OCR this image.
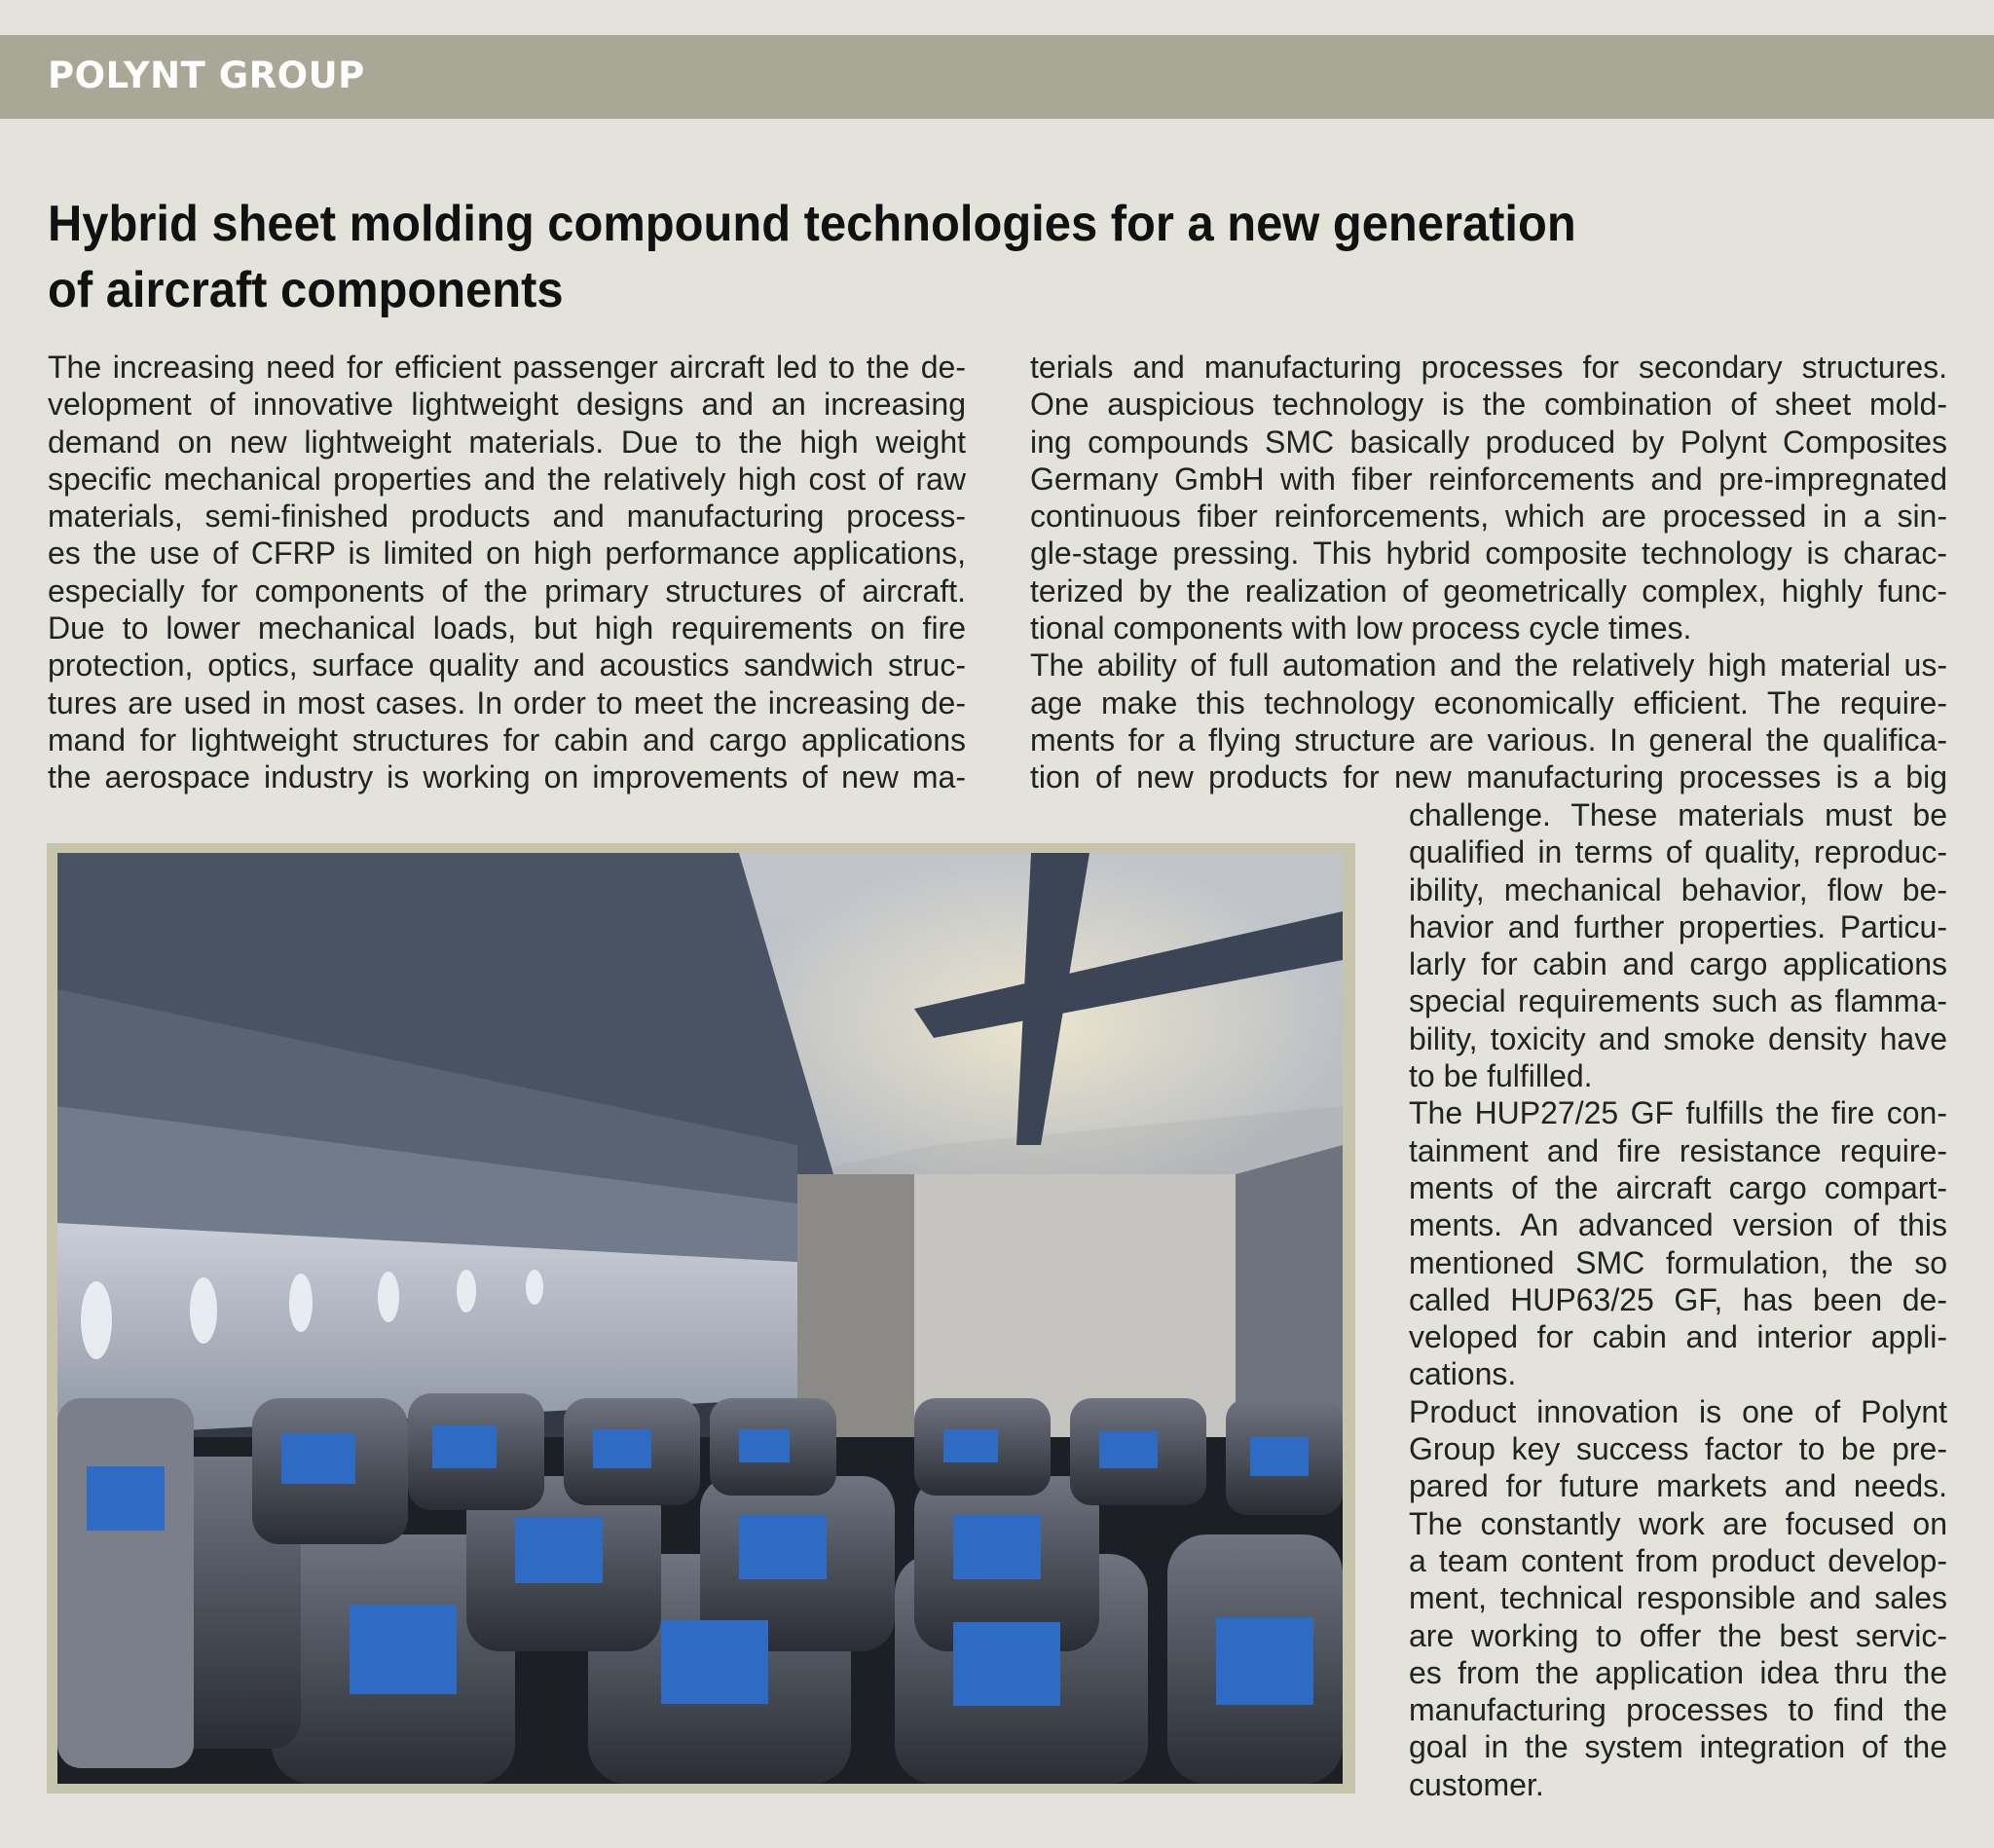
POLYNT GROUP
Hybrid sheet molding compound technologies for a new generation
of aircraft components
The increasing need for efficient passenger aircraft led to the de-
velopment of innovative lightweight designs and an increasing
demand on new lightweight materials. Due to the high weight
specific mechanical properties and the relatively high cost of raw
materials, semi-finished products and manufacturing process-
es the use of CFRP is limited on high performance applications,
especially for components of the primary structures of aircraft.
Due to lower mechanical loads, but high requirements on fire
protection, optics, surface quality and acoustics sandwich struc-
tures are used in most cases. In order to meet the increasing de-
mand for lightweight structures for cabin and cargo applications
the aerospace industry is working on improvements of new ma-
terials and manufacturing processes for secondary structures.
One auspicious technology is the combination of sheet mold-
ing compounds SMC basically produced by Polynt Composites
Germany GmbH with fiber reinforcements and pre-impregnated
continuous fiber reinforcements, which are processed in a sin-
gle-stage pressing. This hybrid composite technology is charac-
terized by the realization of geometrically complex, highly func-
tional components with low process cycle times.
The ability of full automation and the relatively high material us-
age make this technology economically efficient. The require-
ments for a flying structure are various. In general the qualifica-
tion of new products for new manufacturing processes is a big
challenge. These materials must be
qualified in terms of quality, reproduc-
ibility, mechanical behavior, flow be-
havior and further properties. Particu-
larly for cabin and cargo applications
special requirements such as flamma-
bility, toxicity and smoke density have
to be fulfilled.
The HUP27/25 GF fulfills the fire con-
tainment and fire resistance require-
ments of the aircraft cargo compart-
ments. An advanced version of this
mentioned SMC formulation, the so
called HUP63/25 GF, has been de-
veloped for cabin and interior appli-
cations.
Product innovation is one of Polynt
Group key success factor to be pre-
pared for future markets and needs.
The constantly work are focused on
a team content from product develop-
ment, technical responsible and sales
are working to offer the best servic-
es from the application idea thru the
manufacturing processes to find the
goal in the system integration of the
customer.
